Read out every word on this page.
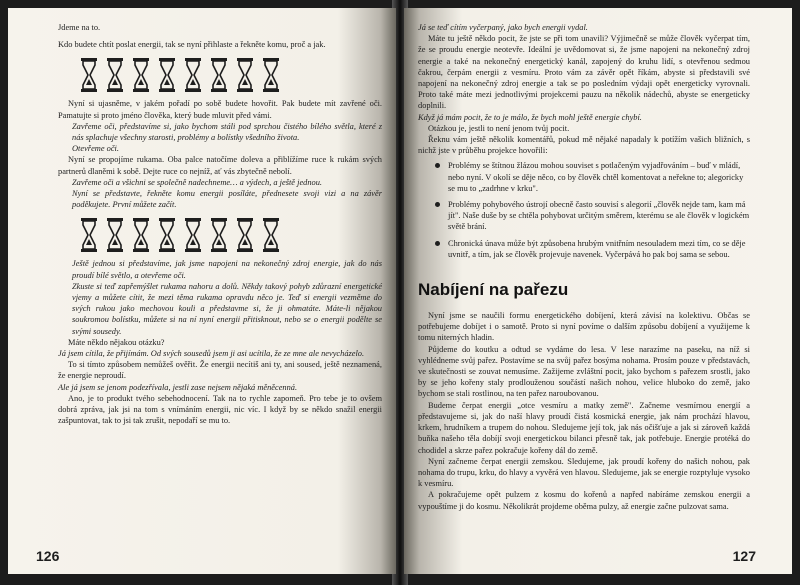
Jdeme na to.

Kdo budete chtít poslat energii, tak se nyní přihlaste a řekněte komu, proč a jak.

Nyní si ujasněme, v jakém pořadí po sobě budete hovořit. Pak budete mít zavřené oči. Pamatujte si proto jméno člověka, který bude mluvit před vámi.

Zavřeme oči, představíme si, jako bychom stáli pod sprchou čistého bílého světla, které z nás splachuje všechny starosti, problémy a bolístky všedního života.

Otevřeme oči.

Nyní se propojíme rukama. Oba palce natočíme doleva a přiblížíme ruce k rukám svých partnerů dlaněmi k sobě. Dejte ruce co nejníž, ať vás zbytečně nebolí.

Zavřeme oči a všichni se společně nadechneme… a výdech, a ještě jednou.

Nyní se představte, řekněte komu energii posíláte, přednesete svoji vizi a na závěr poděkujete. První můžete začít.

Ještě jednou si představíme, jak jsme napojeni na nekonečný zdroj energie, jak do nás proudí bílé světlo, a otevřeme oči.

Zkuste si teď zapřemýšlet rukama nahoru a dolů. Někdy takový pohyb zdůrazní energetické vjemy a můžete cítit, že mezi těma rukama opravdu něco je. Teď si energii vezměme do svých rukou jako mechovou kouli a představme si, že ji ohmatáte. Máte-li nějakou soukromou bolístku, můžete si na ní nyní energii přitisknout, nebo se o energii podělte se svými sousedy.

Máte někdo nějakou otázku?

Já jsem cítila, že přijímám. Od svých sousedů jsem ji asi ucítila, že ze mne ale nevycházelo.

To si tímto způsobem nemůžeš ověřit. Že energii necítiš ani ty, ani soused, ještě neznamená, že energie neproudí.

Ale já jsem se jenom podezřívala, jestli zase nejsem nějaká měněcenná.

Ano, je to produkt tvého sebehodnocení. Tak na to rychle zapomeň. Pro tebe je to ovšem dobrá zpráva, jak jsi na tom s vnímáním energii, nic víc. I když by se někdo snažil energii zašpuntovat, tak to jsi tak zrušit, nepodaří se mu to.

126

Já se teď cítím vyčerpaný, jako bych energii vydal.

Máte tu ještě někdo pocit, že jste se při tom unavili? Výjimečně se může člověk vyčerpat tím, že se proudu energie neotevře. Ideální je uvědomovat si, že jsme napojeni na nekonečný zdroj energie a také na nekonečný energetický kanál, zapojený do kruhu lidí, s otevřenou sedmou čakrou, čerpám energii z vesmíru. Proto vám za závěr opět říkám, abyste si představili své napojení na nekonečný zdroj energie a tak se po posledním výdaji opět energeticky vyrovnali. Proto také máte mezi jednotlivými projekcemi pauzu na několik nádechů, abyste se energeticky doplnili.

Když já mám pocit, že to je málo, že bych mohl ještě energie chybí.

Otázkou je, jestli to není jenom tvůj pocit.

Řeknu vám ještě několik komentářů, pokud mě nějaké napadaly k potížím vašich bližních, s nichž jste v průběhu projekce hovořili:

Problémy se štítnou žlázou mohou souviset s potlačeným vyjadřováním – buď v mládí, nebo nyní. V okolí se děje něco, co by člověk chtěl komentovat a neřekne to; alegoricky se mu to „zadrhne v krku".
Problémy pohybového ústrojí obecně často souvisí s alegorií „člověk nejde tam, kam má jít". Naše duše by se chtěla pohybovat určitým směrem, kterému se ale člověk v logickém světě brání.
Chronická únava může být způsobena hrubým vnitřním nesouladem mezi tím, co se děje uvnitř, a tím, jak se člověk projevuje navenek. Vyčerpává ho pak boj sama se sebou.
Nabíjení na pařezu

Nyní jsme se naučili formu energetického dobíjení, která závisí na kolektivu. Občas se potřebujeme dobíjet i o samotě. Proto si nyní povíme o dalším způsobu dobíjení a využijeme k tomu niterných hladin.

Půjdeme do koutku a odtud se vydáme do lesa. V lese narazíme na paseku, na níž si vyhlédneme svůj pařez. Postavíme se na svůj pařez bosýma nohama. Prosím pouze v představách, ve skutečnosti se zouvat nemusíme. Zažijeme zvláštní pocit, jako bychom s pařezem srostli, jako by se jeho kořeny staly prodlouženou součástí našich nohou, velice hluboko do země, jako bychom se stali rostlinou, na ten pařez naroubovanou.

Budeme čerpat energii „otce vesmíru a matky země". Začneme vesmírnou energií a představujeme si, jak do naší hlavy proudí čistá kosmická energie, jak nám prochází hlavou, krkem, hrudníkem a trupem do nohou. Sledujeme její tok, jak nás očišťuje a jak si zároveň každá buňka našeho těla dobíjí svoji energetickou bilanci přesně tak, jak potřebuje. Energie protéká do chodidel a skrze pařez pokračuje kořeny dál do země.

Nyní začneme čerpat energii zemskou. Sledujeme, jak proudí kořeny do našich nohou, pak nohama do trupu, krku, do hlavy a vyvěrá ven hlavou. Sledujeme, jak se energie rozptyluje vysoko k vesmíru.

A pokračujeme opět pulzem z kosmu do kořenů a napřed nabíráme zemskou energii a vypouštíme ji do kosmu. Několikrát projdeme oběma pulzy, až energie začne pulzovat sama.

127
